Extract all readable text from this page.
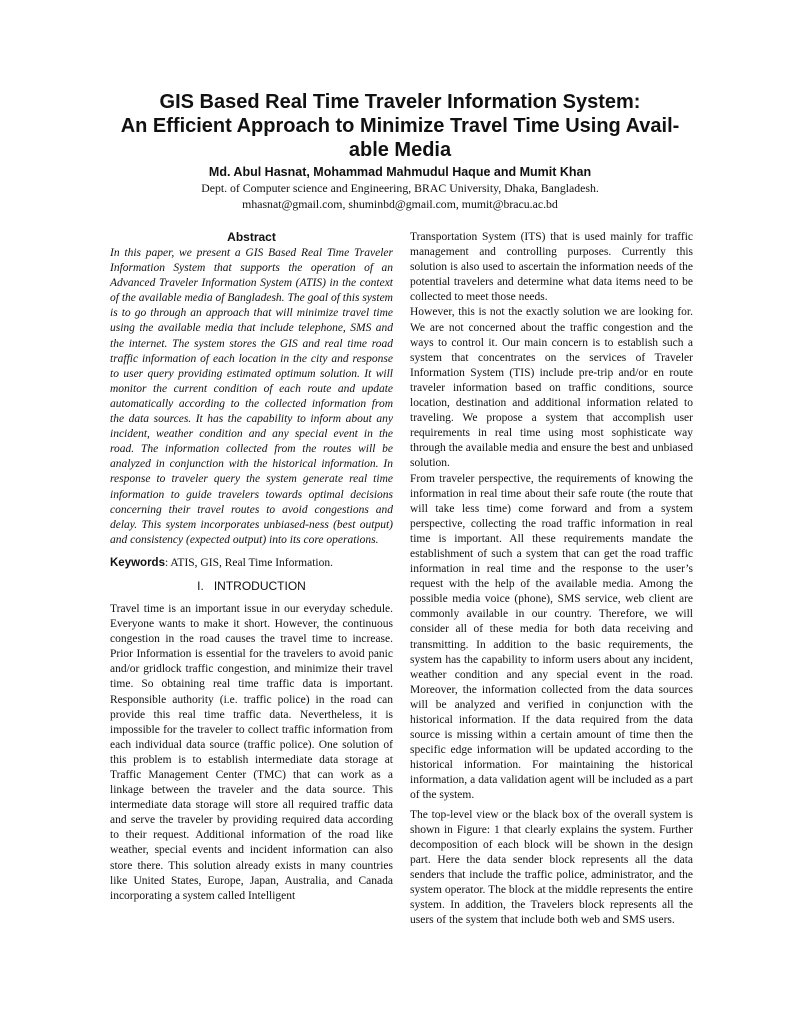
GIS Based Real Time Traveler Information System:
An Efficient Approach to Minimize Travel Time Using Avail-
able Media
Md. Abul Hasnat, Mohammad Mahmudul Haque and Mumit Khan
Dept. of Computer science and Engineering, BRAC University, Dhaka, Bangladesh.
mhasnat@gmail.com, shuminbd@gmail.com, mumit@bracu.ac.bd
Abstract

In this paper, we present a GIS Based Real Time Traveler Information System that supports the operation of an Advanced Traveler Information System (ATIS) in the context of the available media of Bangladesh. The goal of this system is to go through an approach that will minimize travel time using the available media that include telephone, SMS and the internet. The system stores the GIS and real time road traffic information of each location in the city and response to user query providing estimated optimum solution. It will monitor the current condition of each route and update automatically according to the collected information from the data sources. It has the capability to inform about any incident, weather condition and any special event in the road. The information collected from the routes will be analyzed in conjunction with the historical information. In response to traveler query the system generate real time information to guide travelers towards optimal decisions concerning their travel routes to avoid congestions and delay. This system incorporates unbiased-ness (best output) and consistency (expected output) into its core operations.

Keywords: ATIS, GIS, Real Time Information.

I. INTRODUCTION

Travel time is an important issue in our everyday schedule. Everyone wants to make it short. However, the continuous congestion in the road causes the travel time to increase. Prior Information is essential for the travelers to avoid panic and/or gridlock traffic congestion, and minimize their travel time. So obtaining real time traffic data is important. Responsible authority (i.e. traffic police) in the road can provide this real time traffic data. Nevertheless, it is impossible for the traveler to collect traffic information from each individual data source (traffic police). One solution of this problem is to establish intermediate data storage at Traffic Management Center (TMC) that can work as a linkage between the traveler and the data source. This intermediate data storage will store all required traffic data and serve the traveler by providing required data according to their request. Additional information of the road like weather, special events and incident information can also store there. This solution already exists in many countries like United States, Europe, Japan, Australia, and Canada incorporating a system called Intelligent

Transportation System (ITS) that is used mainly for traffic management and controlling purposes. Currently this solution is also used to ascertain the information needs of the potential travelers and determine what data items need to be collected to meet those needs.

However, this is not the exactly solution we are looking for. We are not concerned about the traffic congestion and the ways to control it. Our main concern is to establish such a system that concentrates on the services of Traveler Information System (TIS) include pre-trip and/or en route traveler information based on traffic conditions, source location, destination and additional information related to traveling. We propose a system that accomplish user requirements in real time using most sophisticate way through the available media and ensure the best and unbiased solution.

From traveler perspective, the requirements of knowing the information in real time about their safe route (the route that will take less time) come forward and from a system perspective, collecting the road traffic information in real time is important. All these requirements mandate the establishment of such a system that can get the road traffic information in real time and the response to the user’s request with the help of the available media. Among the possible media voice (phone), SMS service, web client are commonly available in our country. Therefore, we will consider all of these media for both data receiving and transmitting. In addition to the basic requirements, the system has the capability to inform users about any incident, weather condition and any special event in the road. Moreover, the information collected from the data sources will be analyzed and verified in conjunction with the historical information. If the data required from the data source is missing within a certain amount of time then the specific edge information will be updated according to the historical information. For maintaining the historical information, a data validation agent will be included as a part of the system.

The top-level view or the black box of the overall system is shown in Figure: 1 that clearly explains the system. Further decomposition of each block will be shown in the design part. Here the data sender block represents all the data senders that include the traffic police, administrator, and the system operator. The block at the middle represents the entire system. In addition, the Travelers block represents all the users of the system that include both web and SMS users.
